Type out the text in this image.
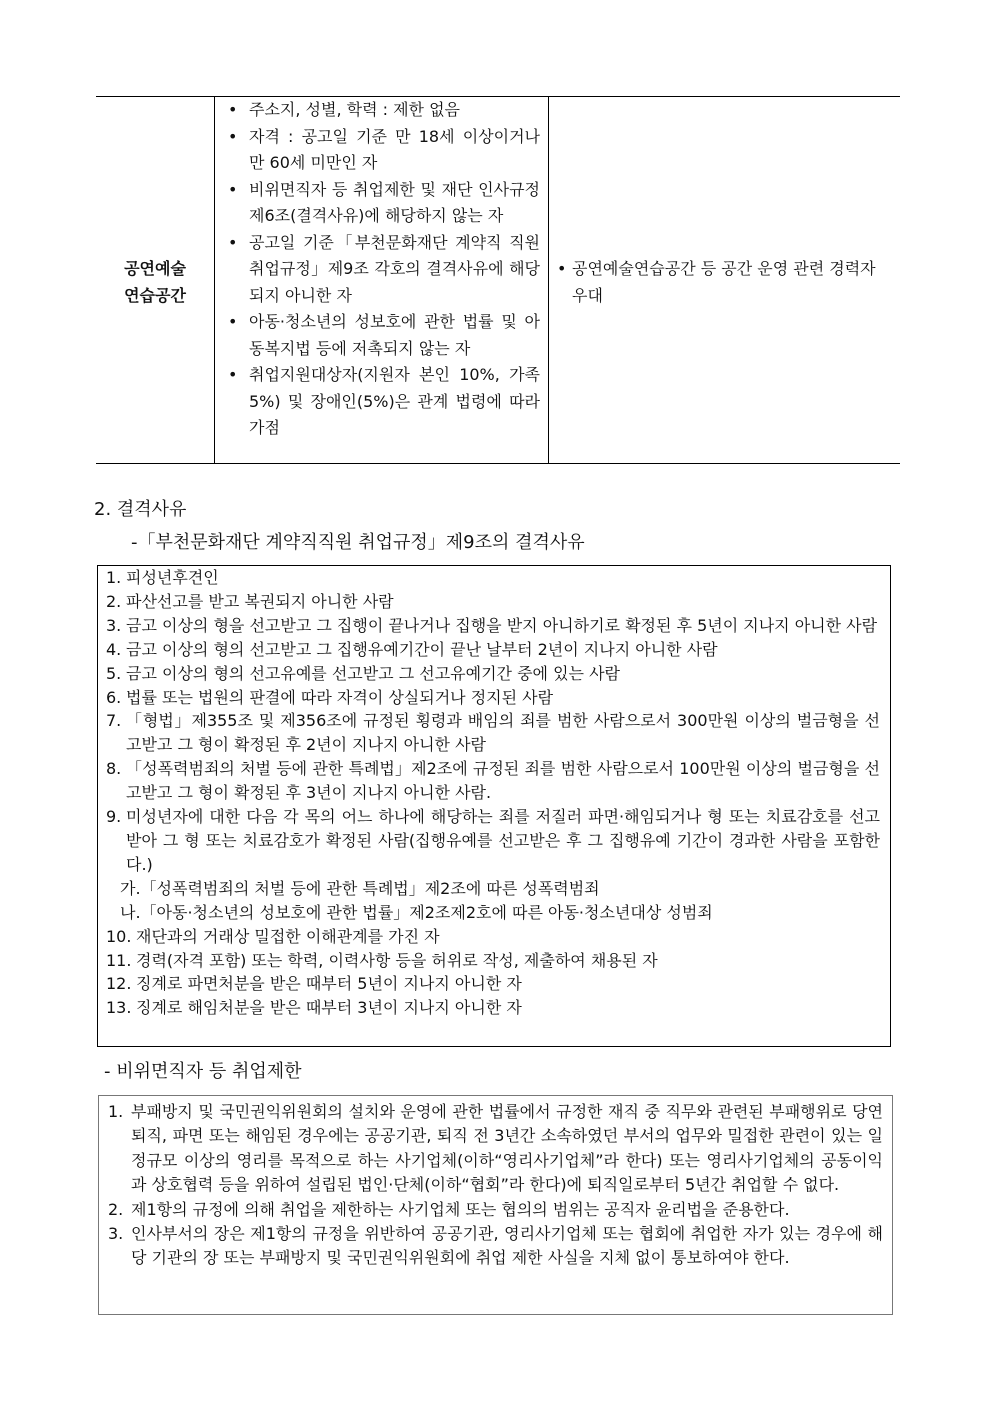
공연예술
연습공간
• 주소지, 성별, 학력 : 제한 없음
• 자격 : 공고일 기준 만 18세 이상이거나 만 60세 미만인 자
• 비위면직자 등 취업제한 및 재단 인사규정 제6조(결격사유)에 해당하지 않는 자
• 공고일 기준「부천문화재단 계약직 직원 취업규정」제9조 각호의 결격사유에 해당되지 아니한 자
• 아동·청소년의 성보호에 관한 법률 및 아동복지법 등에 저촉되지 않는 자
• 취업지원대상자(지원자 본인 10%, 가족 5%) 및 장애인(5%)은 관계 법령에 따라 가점
• 공연예술연습공간 등 공간 운영 관련 경력자 우대
2. 결격사유
-「부천문화재단 계약직직원 취업규정」제9조의 결격사유
1. 피성년후견인
2. 파산선고를 받고 복권되지 아니한 사람
3. 금고 이상의 형을 선고받고 그 집행이 끝나거나 집행을 받지 아니하기로 확정된 후 5년이 지나지 아니한 사람
4. 금고 이상의 형의 선고받고 그 집행유예기간이 끝난 날부터 2년이 지나지 아니한 사람
5. 금고 이상의 형의 선고유예를 선고받고 그 선고유예기간 중에 있는 사람
6. 법률 또는 법원의 판결에 따라 자격이 상실되거나 정지된 사람
7. 「형법」제355조 및 제356조에 규정된 횡령과 배임의 죄를 범한 사람으로서 300만원 이상의 벌금형을 선고받고 그 형이 확정된 후 2년이 지나지 아니한 사람
8. 「성폭력범죄의 처벌 등에 관한 특례법」제2조에 규정된 죄를 범한 사람으로서 100만원 이상의 벌금형을 선고받고 그 형이 확정된 후 3년이 지나지 아니한 사람.
9. 미성년자에 대한 다음 각 목의 어느 하나에 해당하는 죄를 저질러 파면·해임되거나 형 또는 치료감호를 선고받아 그 형 또는 치료감호가 확정된 사람(집행유예를 선고받은 후 그 집행유예 기간이 경과한 사람을 포함한다.)
가.「성폭력범죄의 처벌 등에 관한 특례법」제2조에 따른 성폭력범죄
나.「아동·청소년의 성보호에 관한 법률」제2조제2호에 따른 아동·청소년대상 성범죄
10. 재단과의 거래상 밀접한 이해관계를 가진 자
11. 경력(자격 포함) 또는 학력, 이력사항 등을 허위로 작성, 제출하여 채용된 자
12. 징계로 파면처분을 받은 때부터 5년이 지나지 아니한 자
13. 징계로 해임처분을 받은 때부터 3년이 지나지 아니한 자
- 비위면직자 등 취업제한
1. 부패방지 및 국민권익위원회의 설치와 운영에 관한 법률에서 규정한 재직 중 직무와 관련된 부패행위로 당연 퇴직, 파면 또는 해임된 경우에는 공공기관, 퇴직 전 3년간 소속하였던 부서의 업무와 밀접한 관련이 있는 일정규모 이상의 영리를 목적으로 하는 사기업체(이하“영리사기업체”라 한다) 또는 영리사기업체의 공동이익과 상호협력 등을 위하여 설립된 법인·단체(이하“협회”라 한다)에 퇴직일로부터 5년간 취업할 수 없다.
2. 제1항의 규정에 의해 취업을 제한하는 사기업체 또는 협의의 범위는 공직자 윤리법을 준용한다.
3. 인사부서의 장은 제1항의 규정을 위반하여 공공기관, 영리사기업체 또는 협회에 취업한 자가 있는 경우에 해당 기관의 장 또는 부패방지 및 국민권익위원회에 취업 제한 사실을 지체 없이 통보하여야 한다.
